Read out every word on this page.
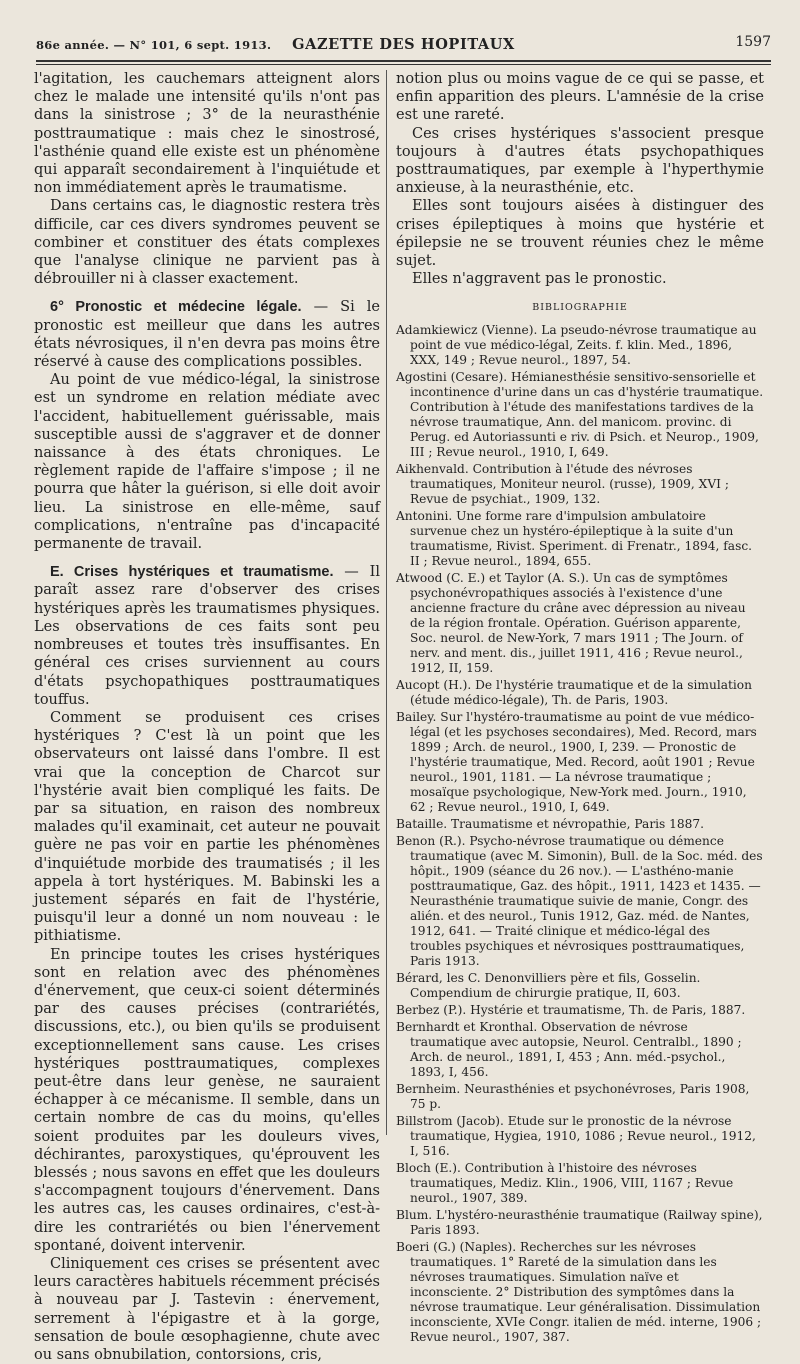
86e année. — N° 101, 6 sept. 1913.	GAZETTE DES HOPITAUX	1597

l'agitation, les cauchemars atteignent alors chez le malade une intensité qu'ils n'ont pas dans la sinistrose ; 3° de la neurasthénie posttraumatique : mais chez le sinostrosé, l'asthénie quand elle existe est un phénomène qui apparaît secondairement à l'inquiétude et non immédiatement après le traumatisme.

Dans certains cas, le diagnostic restera très difficile, car ces divers syndromes peuvent se combiner et constituer des états complexes que l'analyse clinique ne parvient pas à débrouiller ni à classer exactement.

6° Pronostic et médecine légale. — Si le pronostic est meilleur que dans les autres états névrosiques, il n'en devra pas moins être réservé à cause des complications possibles.

Au point de vue médico-légal, la sinistrose est un syndrome en relation médiate avec l'accident, habituellement guérissable, mais susceptible aussi de s'aggraver et de donner naissance à des états chroniques. Le règlement rapide de l'affaire s'impose ; il ne pourra que hâter la guérison, si elle doit avoir lieu. La sinistrose en elle-même, sauf complications, n'entraîne pas d'incapacité permanente de travail.

E. Crises hystériques et traumatisme. — Il paraît assez rare d'observer des crises hystériques après les traumatismes physiques. Les observations de ces faits sont peu nombreuses et toutes très insuffisantes. En général ces crises surviennent au cours d'états psychopathiques posttraumatiques touffus.

Comment se produisent ces crises hystériques ? C'est là un point que les observateurs ont laissé dans l'ombre. Il est vrai que la conception de Charcot sur l'hystérie avait bien compliqué les faits. De par sa situation, en raison des nombreux malades qu'il examinait, cet auteur ne pouvait guère ne pas voir en partie les phénomènes d'inquiétude morbide des traumatisés ; il les appela à tort hystériques. M. Babinski les a justement séparés en fait de l'hystérie, puisqu'il leur a donné un nom nouveau : le pithiatisme.

En principe toutes les crises hystériques sont en relation avec des phénomènes d'énervement, que ceux-ci soient déterminés par des causes précises (contrariétés, discussions, etc.), ou bien qu'ils se produisent exceptionnellement sans cause. Les crises hystériques posttraumatiques, complexes peut-être dans leur genèse, ne sauraient échapper à ce mécanisme. Il semble, dans un certain nombre de cas du moins, qu'elles soient produites par les douleurs vives, déchirantes, paroxystiques, qu'éprouvent les blessés ; nous savons en effet que les douleurs s'accompagnent toujours d'énervement. Dans les autres cas, les causes ordinaires, c'est-à-dire les contrariétés ou bien l'énervement spontané, doivent intervenir.

Cliniquement ces crises se présentent avec leurs caractères habituels récemment précisés à nouveau par J. Tastevin : énervement, serrement à l'épigastre et à la gorge, sensation de boule œsophagienne, chute avec ou sans obnubilation, contorsions, cris,

notion plus ou moins vague de ce qui se passe, et enfin apparition des pleurs. L'amnésie de la crise est une rareté.

Ces crises hystériques s'associent presque toujours à d'autres états psychopathiques posttraumatiques, par exemple à l'hyperthymie anxieuse, à la neurasthénie, etc.

Elles sont toujours aisées à distinguer des crises épileptiques à moins que hystérie et épilepsie ne se trouvent réunies chez le même sujet.

Elles n'aggravent pas le pronostic.

BIBLIOGRAPHIE

Adamkiewicz (Vienne). La pseudo-névrose traumatique au point de vue médico-légal, Zeits. f. klin. Med., 1896, XXX, 149 ; Revue neurol., 1897, 54.

Agostini (Cesare). Hémianesthésie sensitivo-sensorielle et incontinence d'urine dans un cas d'hystérie traumatique. Contribution à l'étude des manifestations tardives de la névrose traumatique, Ann. del manicom. provinc. di Perug. ed Autoriassunti e riv. di Psich. et Neurop., 1909, III ; Revue neurol., 1910, I, 649.

Aikhenvald. Contribution à l'étude des névroses traumatiques, Moniteur neurol. (russe), 1909, XVI ; Revue de psychiat., 1909, 132.

Antonini. Une forme rare d'impulsion ambulatoire survenue chez un hystéro-épileptique à la suite d'un traumatisme, Rivist. Speriment. di Frenatr., 1894, fasc. II ; Revue neurol., 1894, 655.

Atwood (C. E.) et Taylor (A. S.). Un cas de symptômes psychonévropathiques associés à l'existence d'une ancienne fracture du crâne avec dépression au niveau de la région frontale. Opération. Guérison apparente, Soc. neurol. de New-York, 7 mars 1911 ; The Journ. of nerv. and ment. dis., juillet 1911, 416 ; Revue neurol., 1912, II, 159.

Aucopt (H.). De l'hystérie traumatique et de la simulation (étude médico-légale), Th. de Paris, 1903.

Bailey. Sur l'hystéro-traumatisme au point de vue médico-légal (et les psychoses secondaires), Med. Record, mars 1899 ; Arch. de neurol., 1900, I, 239. — Pronostic de l'hystérie traumatique, Med. Record, août 1901 ; Revue neurol., 1901, 1181. — La névrose traumatique ; mosaïque psychologique, New-York med. Journ., 1910, 62 ; Revue neurol., 1910, I, 649.

Bataille. Traumatisme et névropathie, Paris 1887.

Benon (R.). Psycho-névrose traumatique ou démence traumatique (avec M. Simonin), Bull. de la Soc. méd. des hôpit., 1909 (séance du 26 nov.). — L'asthéno-manie posttraumatique, Gaz. des hôpit., 1911, 1423 et 1435. — Neurasthénie traumatique suivie de manie, Congr. des alién. et des neurol., Tunis 1912, Gaz. méd. de Nantes, 1912, 641. — Traité clinique et médico-légal des troubles psychiques et névrosiques posttraumatiques, Paris 1913.

Bérard, les C. Denonvilliers père et fils, Gosselin. Compendium de chirurgie pratique, II, 603.

Berbez (P.). Hystérie et traumatisme, Th. de Paris, 1887.

Bernhardt et Kronthal. Observation de névrose traumatique avec autopsie, Neurol. Centralbl., 1890 ; Arch. de neurol., 1891, I, 453 ; Ann. méd.-psychol., 1893, I, 456.

Bernheim. Neurasthénies et psychonévroses, Paris 1908, 75 p.

Billstrom (Jacob). Etude sur le pronostic de la névrose traumatique, Hygiea, 1910, 1086 ; Revue neurol., 1912, I, 516.

Bloch (E.). Contribution à l'histoire des névroses traumatiques, Mediz. Klin., 1906, VIII, 1167 ; Revue neurol., 1907, 389.

Blum. L'hystéro-neurasthénie traumatique (Railway spine), Paris 1893.

Boeri (G.) (Naples). Recherches sur les névroses traumatiques. 1° Rareté de la simulation dans les névroses traumatiques. Simulation naïve et inconsciente. 2° Distribution des symptômes dans la névrose traumatique. Leur généralisation. Dissimulation inconsciente, XVIe Congr. italien de méd. interne, 1906 ; Revue neurol., 1907, 387.
